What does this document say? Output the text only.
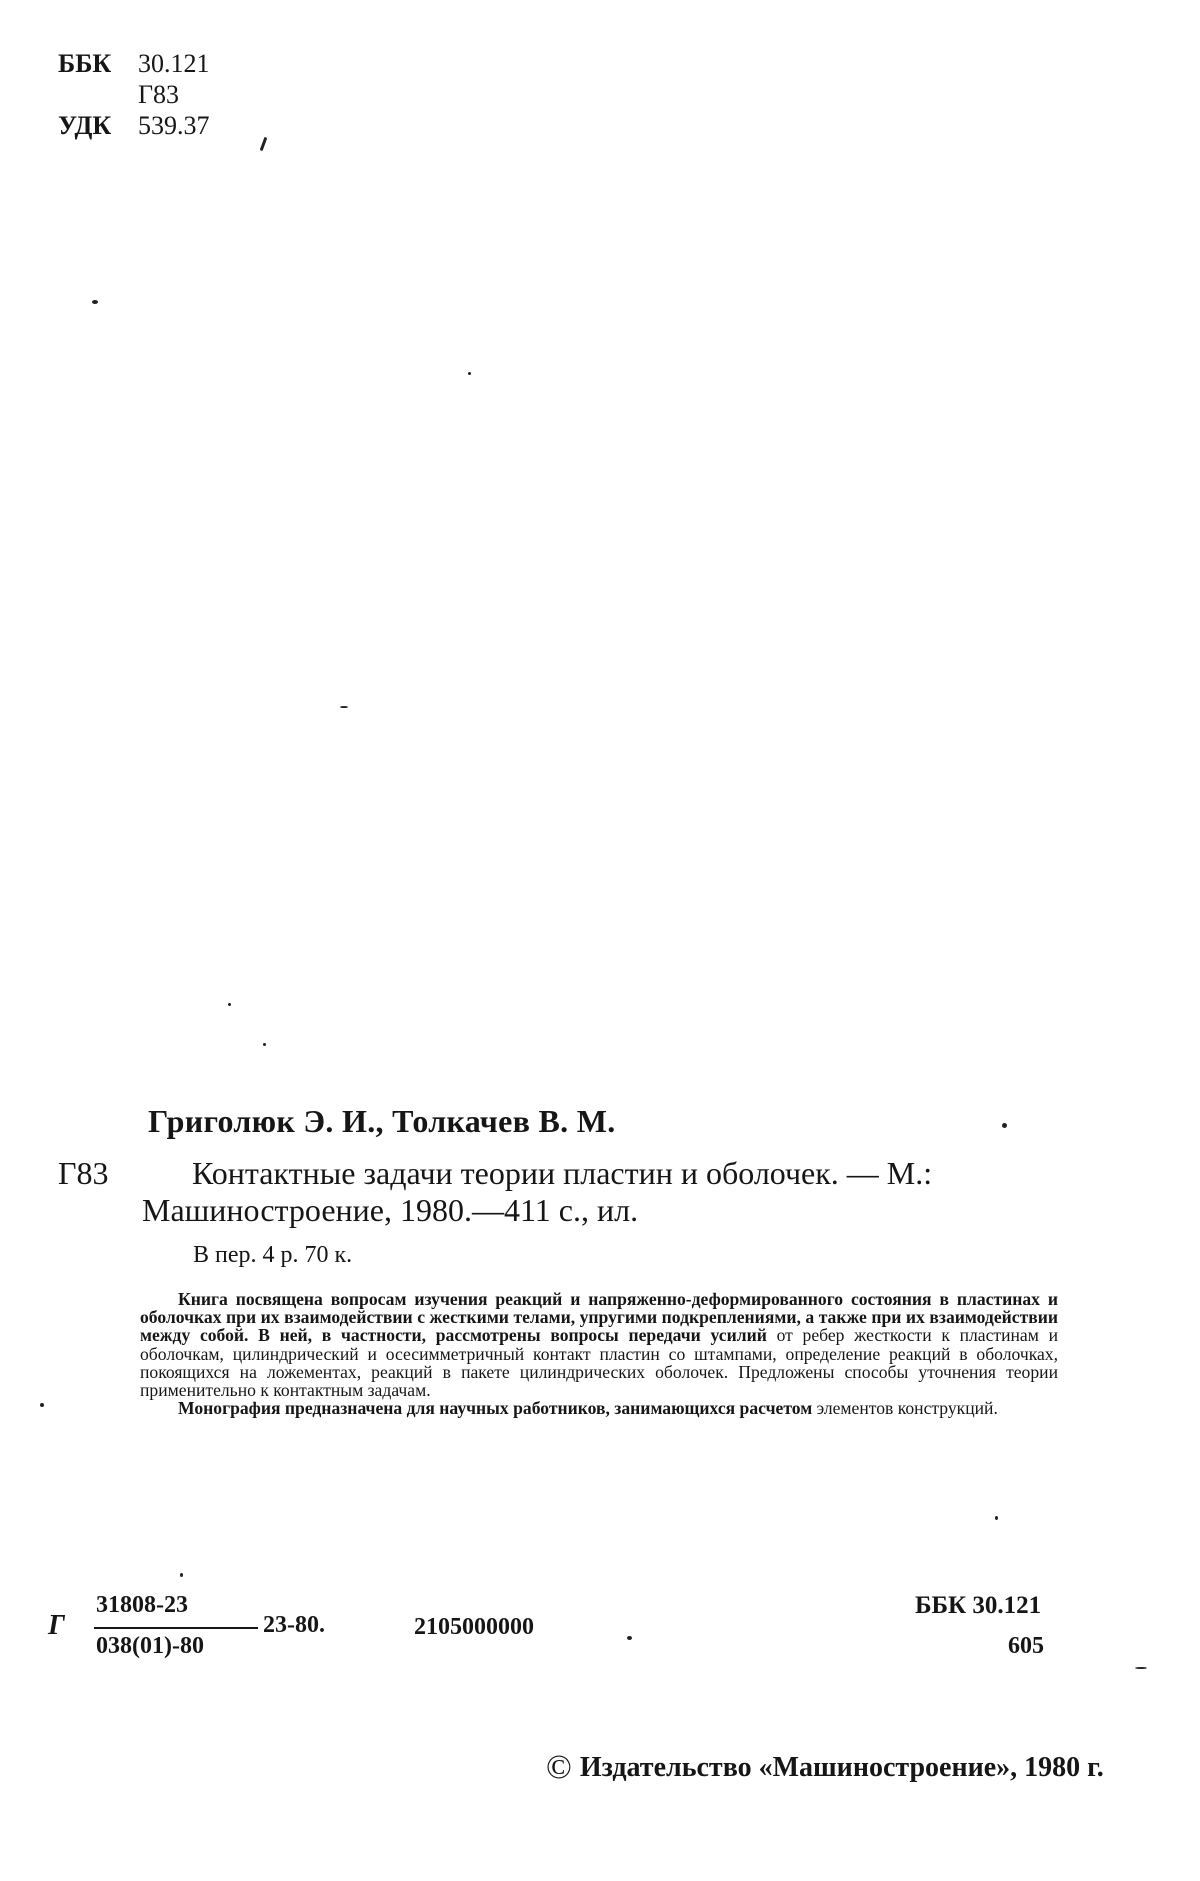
ББК 30.121
Г83
УДК 539.37
Григолюк Э. И., Толкачев В. М.
Г83	Контактные задачи теории пластин и оболочек. — М.:
Машиностроение, 1980.—411 с., ил.
В пер. 4 р. 70 к.

Книга посвящена вопросам изучения реакций и напряженно-деформированного состояния в пластинах и оболочках при их взаимодействии с жесткими телами, упругими подкреплениями, а также при их взаимодействии между собой. В ней, в частности, рассмотрены вопросы передачи усилий от ребер жесткости к пластинам и оболочкам, цилиндрический и осесимметричный контакт пластин со штампами, определение реакций в оболочках, покоящихся на ложементах, реакций в пакете цилиндрических оболочек. Предложены способы уточнения теории применительно к контактным задачам.

Монография предназначена для научных работников, занимающихся расчетом элементов конструкций.

Г
31808-23
038(01)-80
23-80.	2105000000
ББК 30.121
605
© Издательство «Машиностроение», 1980 г.
